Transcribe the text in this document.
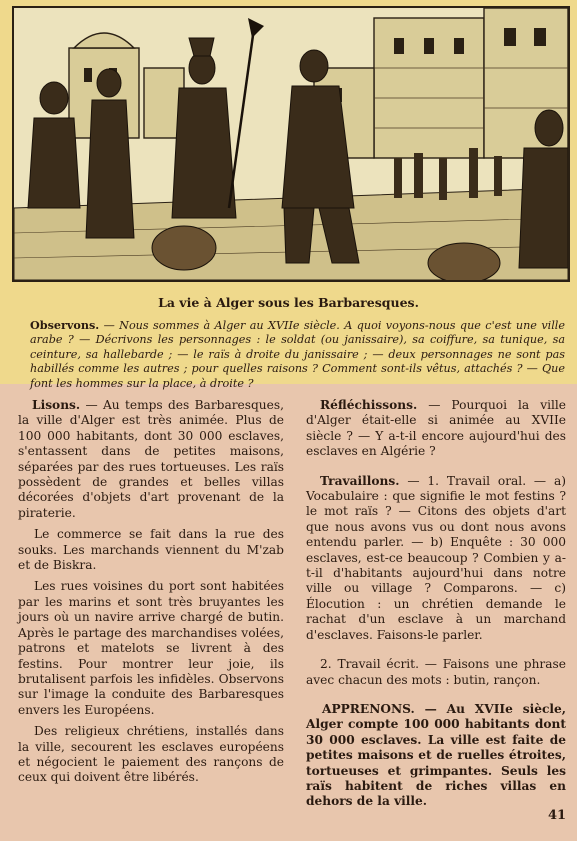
La vie à Alger sous les Barbaresques.

Observons. — Nous sommes à Alger au XVIIe siècle. A quoi voyons-nous que c'est une ville arabe ? — Décrivons les personnages : le soldat (ou janissaire), sa coiffure, sa tunique, sa ceinture, sa hallebarde ; — le raïs à droite du janissaire ; — deux personnages ne sont pas habillés comme les autres ; pour quelles raisons ? Comment sont-ils vêtus, attachés ? — Que font les hommes sur la place, à droite ?

Lisons. — Au temps des Barbaresques, la ville d'Alger est très animée. Plus de 100 000 habitants, dont 30 000 esclaves, s'entassent dans de petites maisons, séparées par des rues tortueuses. Les raïs possèdent de grandes et belles villas décorées d'objets d'art provenant de la piraterie.

Le commerce se fait dans la rue des souks. Les marchands viennent du M'zab et de Biskra.

Les rues voisines du port sont habitées par les marins et sont très bruyantes les jours où un navire arrive chargé de butin. Après le partage des marchandises volées, patrons et matelots se livrent à des festins. Pour montrer leur joie, ils brutalisent parfois les infidèles. Observons sur l'image la conduite des Barbaresques envers les Européens.

Des religieux chrétiens, installés dans la ville, secourent les esclaves européens et négocient le paiement des rançons de ceux qui doivent être libérés.

Réfléchissons. — Pourquoi la ville d'Alger était-elle si animée au XVIIe siècle ? — Y a-t-il encore aujourd'hui des esclaves en Algérie ?

Travaillons. — 1. Travail oral. — a) Vocabulaire : que signifie le mot festins ? le mot raïs ? — Citons des objets d'art que nous avons vus ou dont nous avons entendu parler. — b) Enquête : 30 000 esclaves, est-ce beaucoup ? Combien y a-t-il d'habitants aujourd'hui dans notre ville ou village ? Comparons. — c) Élocution : un chrétien demande le rachat d'un esclave à un marchand d'esclaves. Faisons-le parler.

2. Travail écrit. — Faisons une phrase avec chacun des mots : butin, rançon.

APPRENONS. — Au XVIIe siècle, Alger compte 100 000 habitants dont 30 000 esclaves. La ville est faite de petites maisons et de ruelles étroites, tortueuses et grimpantes. Seuls les raïs habitent de riches villas en dehors de la ville.

41
